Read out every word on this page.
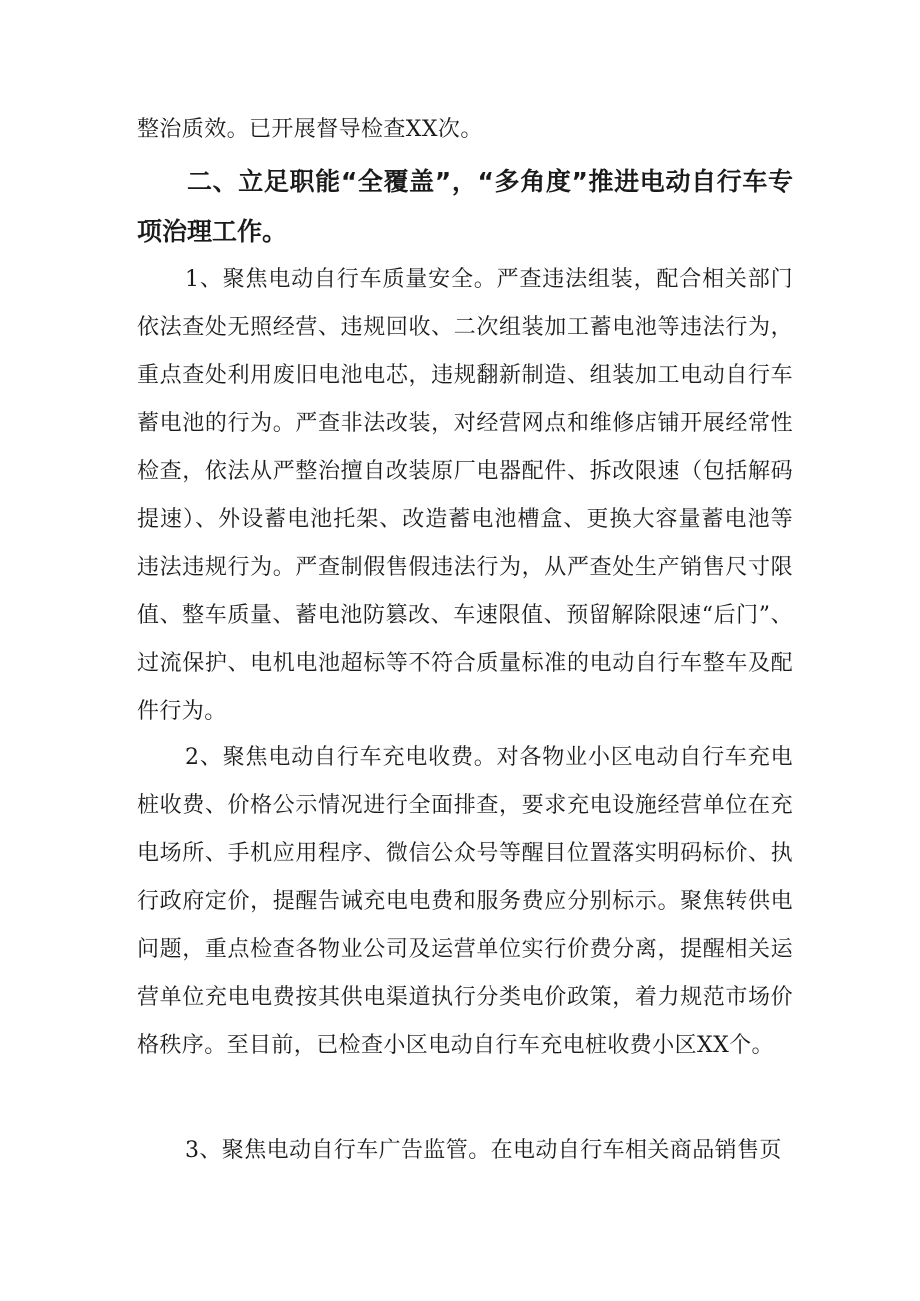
整治质效。已开展督导检查XX次。

二、立足职能“全覆盖”，“多角度”推进电动自行车专项治理工作。

1、聚焦电动自行车质量安全。严查违法组装，配合相关部门依法查处无照经营、违规回收、二次组装加工蓄电池等违法行为，重点查处利用废旧电池电芯，违规翻新制造、组装加工电动自行车蓄电池的行为。严查非法改装，对经营网点和维修店铺开展经常性检查，依法从严整治擅自改装原厂电器配件、拆改限速（包括解码提速）、外设蓄电池托架、改造蓄电池槽盒、更换大容量蓄电池等违法违规行为。严查制假售假违法行为，从严查处生产销售尺寸限值、整车质量、蓄电池防篡改、车速限值、预留解除限速“后门”、过流保护、电机电池超标等不符合质量标准的电动自行车整车及配件行为。

2、聚焦电动自行车充电收费。对各物业小区电动自行车充电桩收费、价格公示情况进行全面排查，要求充电设施经营单位在充电场所、手机应用程序、微信公众号等醒目位置落实明码标价、执行政府定价，提醒告诫充电电费和服务费应分别标示。聚焦转供电问题，重点检查各物业公司及运营单位实行价费分离，提醒相关运营单位充电电费按其供电渠道执行分类电价政策，着力规范市场价格秩序。至目前，已检查小区电动自行车充电桩收费小区XX个。

3、聚焦电动自行车广告监管。在电动自行车相关商品销售页
